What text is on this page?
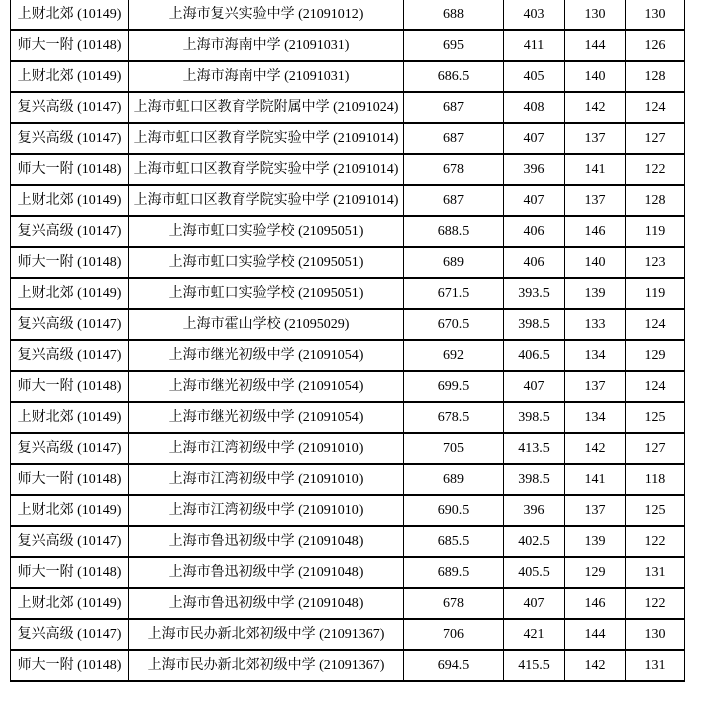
上财北郊 (10149)	上海市复兴实验中学 (21091012)	688	403	130	130
师大一附 (10148)	上海市海南中学 (21091031)	695	411	144	126
上财北郊 (10149)	上海市海南中学 (21091031)	686.5	405	140	128
复兴高级 (10147)	上海市虹口区教育学院附属中学 (21091024)	687	408	142	124
复兴高级 (10147)	上海市虹口区教育学院实验中学 (21091014)	687	407	137	127
师大一附 (10148)	上海市虹口区教育学院实验中学 (21091014)	678	396	141	122
上财北郊 (10149)	上海市虹口区教育学院实验中学 (21091014)	687	407	137	128
复兴高级 (10147)	上海市虹口实验学校 (21095051)	688.5	406	146	119
师大一附 (10148)	上海市虹口实验学校 (21095051)	689	406	140	123
上财北郊 (10149)	上海市虹口实验学校 (21095051)	671.5	393.5	139	119
复兴高级 (10147)	上海市霍山学校 (21095029)	670.5	398.5	133	124
复兴高级 (10147)	上海市继光初级中学 (21091054)	692	406.5	134	129
师大一附 (10148)	上海市继光初级中学 (21091054)	699.5	407	137	124
上财北郊 (10149)	上海市继光初级中学 (21091054)	678.5	398.5	134	125
复兴高级 (10147)	上海市江湾初级中学 (21091010)	705	413.5	142	127
师大一附 (10148)	上海市江湾初级中学 (21091010)	689	398.5	141	118
上财北郊 (10149)	上海市江湾初级中学 (21091010)	690.5	396	137	125
复兴高级 (10147)	上海市鲁迅初级中学 (21091048)	685.5	402.5	139	122
师大一附 (10148)	上海市鲁迅初级中学 (21091048)	689.5	405.5	129	131
上财北郊 (10149)	上海市鲁迅初级中学 (21091048)	678	407	146	122
复兴高级 (10147)	上海市民办新北郊初级中学 (21091367)	706	421	144	130
师大一附 (10148)	上海市民办新北郊初级中学 (21091367)	694.5	415.5	142	131
